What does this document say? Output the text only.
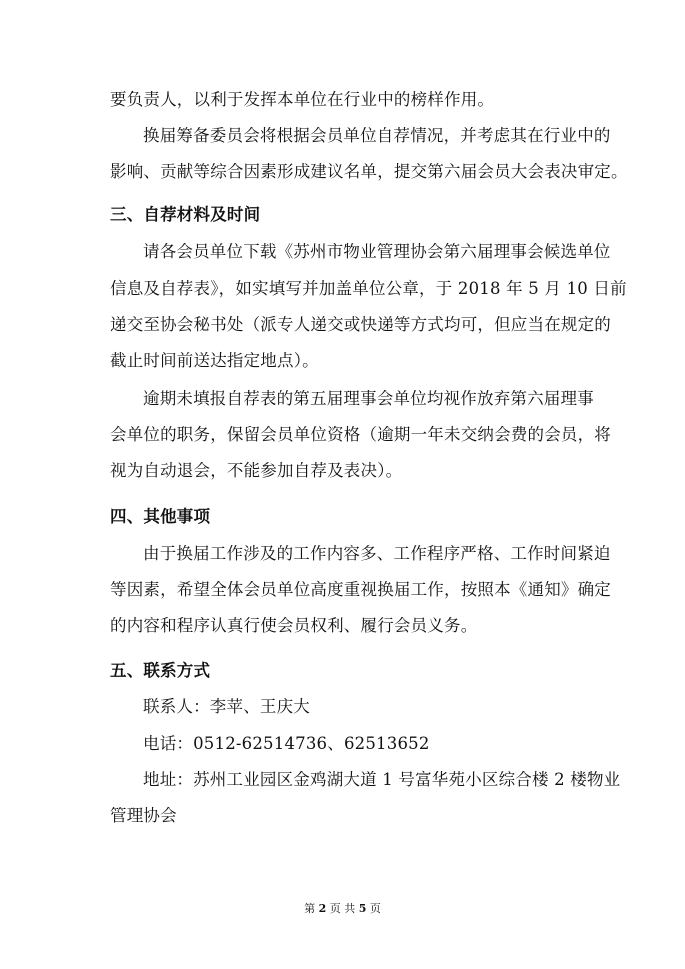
要负责人，以利于发挥本单位在行业中的榜样作用。
换届筹备委员会将根据会员单位自荐情况，并考虑其在行业中的
影响、贡献等综合因素形成建议名单，提交第六届会员大会表决审定。
三、自荐材料及时间
请各会员单位下载《苏州市物业管理协会第六届理事会候选单位
信息及自荐表》，如实填写并加盖单位公章，于 2018 年 5 月 10 日前
递交至协会秘书处（派专人递交或快递等方式均可，但应当在规定的
截止时间前送达指定地点）。
逾期未填报自荐表的第五届理事会单位均视作放弃第六届理事
会单位的职务，保留会员单位资格（逾期一年未交纳会费的会员，将
视为自动退会，不能参加自荐及表决）。
四、其他事项
由于换届工作涉及的工作内容多、工作程序严格、工作时间紧迫
等因素，希望全体会员单位高度重视换届工作，按照本《通知》确定
的内容和程序认真行使会员权利、履行会员义务。
五、联系方式
联系人：李苹、王庆大
电话：0512-62514736、62513652
地址：苏州工业园区金鸡湖大道 1 号富华苑小区综合楼 2 楼物业
管理协会
第 2 页 共 5 页
